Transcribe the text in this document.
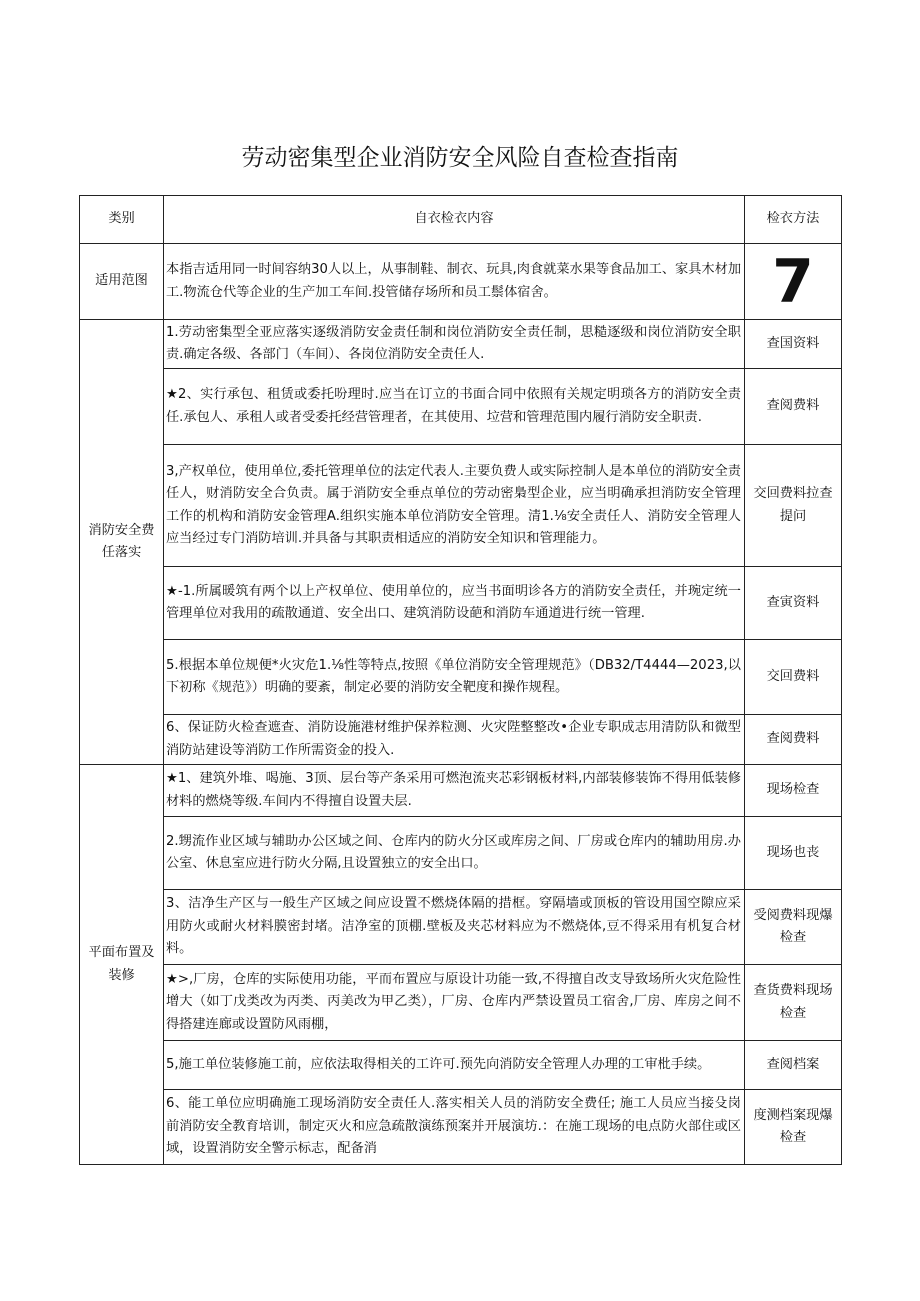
劳动密集型企业消防安全风险自查检查指南
类别	自衣检衣内容	检衣方法
适用范图	本指吉适用同一时间容纳30人以上，从事制鞋、制衣、玩具,肉食就菜水果等食品加工、家具木材加工.物流仓代等企业的生产加工车间.投管储存场所和员工鬃体宿舍。	7
消防安全费任落实	1.劳动密集型全亚应落实逐级消防安金责任制和岗位消防安全责任制，思糙逐级和岗位消防安全职责.确定各级、各部门（车间）、各岗位消防安全责任人.	查国资料
	★2、实行承包、租赁或委托吩理时.应当在订立的书面合同中依照有关规定明琐各方的消防安全责任.承包人、承租人或者受委托经营管理者，在其使用、垃营和管理范围内履行消防安全职责.	查阅费料
	3,产权单位，使用单位,委托管理单位的法定代表人.主要负费人或实际控制人是本单位的消防安全责任人，财消防安全合负责。属于消防安全垂点单位的劳动密梟型企业，应当明确承担消防安全管理工作的机构和消防安金管理A.组织实施本单位消防安全管理。清1.⅛安全责任人、消防安全管理人应当经过专门消防培训.并具备与其职责相适应的消防安全知识和管理能力。	交回费料拉查提问
	★-1.所属暖筑有两个以上产权单位、使用单位的，应当书面明诊各方的消防安全责任，并琬定统一管理单位对我用的疏散通道、安全出口、建筑消防设葩和消防车通道进行统一管理.	查寅资料
	5.根据本单位规便*火灾危1.⅛性等特点,按照《单位消防安全管理规范》（DB32/T4444—2023,以下初称《规范》）明确的要紊，制定必要的消防安全靶度和操作规程。	交回费料
	6、保证防火检查遮查、消防设施港材维护保养粒测、火灾陛整整改•企业专职成志用清防队和微型消防站建设等消防工作所需资金的投入.	查阅费料
平面布置及装修	★1、建筑外堆、喝施、3顶、层台等产条采用可燃泡流夹芯彩钢板材料,内部装修装饰不得用低装修材料的燃烧等级.车间内不得擅自设置夫层.	现场检查
	2.甥流作业区域与辅助办公区域之间、仓库内的防火分区或库房之间、厂房或仓库内的辅助用房.办公室、休息室应进行防火分隔,且设置独立的安全出口。	现场也丧
	3、洁净生产区与一般生产区域之间应设置不燃烧体隔的措框。穿隔墙或顶板的管设用国空隙应采用防火或耐火材料膜密封堵。洁净室的顶棚.壁板及夹芯材料应为不燃烧体,豆不得采用有机复合材料。	受阅费料现爆检查
	★>,厂房，仓库的实际使用功能，平而布置应与原设计功能一致,不得擅自改支导致场所火灾危险性增大（如丁戊类改为丙类、丙美改为甲乙类），厂房、仓库内严禁设置员工宿舍,厂房、库房之间不得搭建连廊或设置防风雨棚，	查货费料现场检查
	5,施工单位装修施工前，应依法取得相关的工许可.预先向消防安全管理人办理的工审枇手续。	查阅档案
	6、能工单位应明确施工现场消防安全责任人.落实相关人员的消防安全费任; 施工人员应当接殳岗前消防安全教育培训，制定灭火和应急疏散演练预案并开展演坊.：在施工现场的电点防火部住或区域，设置消防安全警示标志，配备消	度测档案现爆检查
